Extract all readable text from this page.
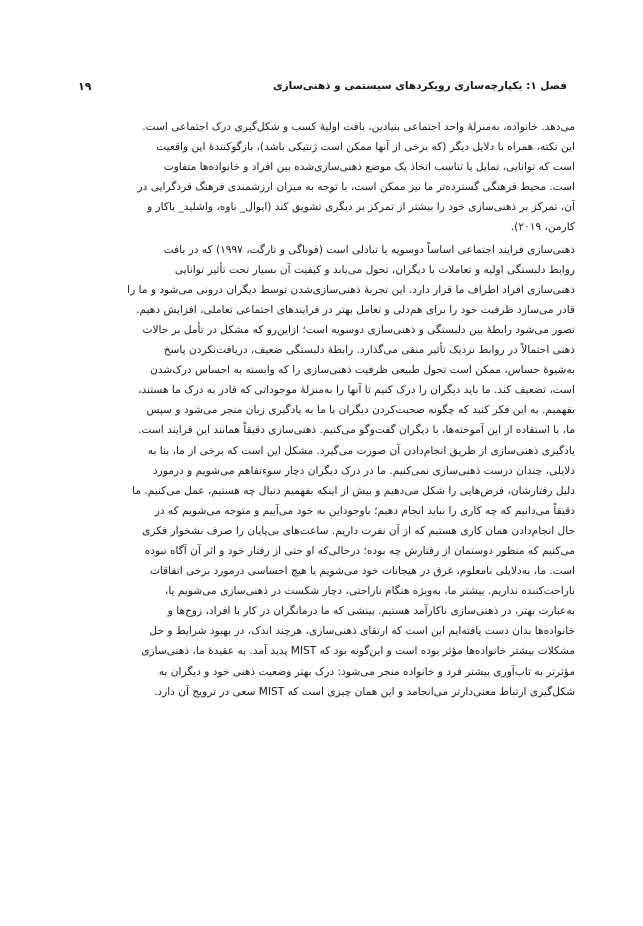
فصل ۱: یکپارچه‌سازی رویکردهای سیستمی و ذهنی‌سازی
۱۹

می‌دهد. خانواده، به‌منزلهٔ واحد اجتماعی بنیادین، بافت اولیهٔ کسب و شکل‌گیری درک اجتماعی است.

این نکته، همراه با دلایل دیگر (که برخی از آنها ممکن است ژنتیکی باشد)، بازگوکنندهٔ این واقعیت

است که توانایی، تمایل یا تناسب اتخاذ یک موضع ذهنی‌سازی‌شده بین افراد و خانواده‌ها متفاوت

است. محیط فرهنگی گسترده‌تر ما نیز ممکن است، با توجه به میزان ارزشمندی فرهنگ فردگرایی در

آن، تمرکز بر ذهنی‌سازی خود را بیشتر از تمرکز بر دیگری تشویق کند (ایوال_ ناوه، واشلید_ یاکار و

کارمن، ۲۰۱۹).

ذهنی‌سازی فرایند اجتماعی اساساً دوسویه یا تبادلی است (فوناگی و تارگت، ۱۹۹۷) که در بافت

روابط دلبستگی اولیه و تعاملات با دیگران، تحول می‌یابد و کیفیت آن بسیار تحت تأثیر توانایی

ذهنی‌سازی افراد اطراف ما قرار دارد. این تجربهٔ ذهنی‌سازی‌شدن توسط دیگران درونی می‌شود و ما را

قادر می‌سازد ظرفیت خود را برای هم‌دلی و تعامل بهتر در فرایندهای اجتماعی تعاملی، افزایش دهیم.

تصور می‌شود رابطهٔ بین دلبستگی و ذهنی‌سازی دوسویه است؛ ازاین‌رو که مشکل در تأمل بر حالات

ذهنی احتمالاً در روابط نزدیک تأثیر منفی می‌گذارد. رابطهٔ دلبستگی ضعیف، دریافت‌نکردن پاسخ

به‌شیوهٔ حساس، ممکن است تحول طبیعی ظرفیت ذهنی‌سازی را که وابسته به احساس درک‌شدن

است، تضعیف کند. ما باید دیگران را درک کنیم تا آنها را به‌منزلهٔ موجوداتی که قادر به درک ما هستند،

بفهمیم. به این فکر کنید که چگونه صحبت‌کردن دیگران با ما به یادگیری زبان منجر می‌شود و سپس

ما، با استفاده از این آموخته‌ها، با دیگران گفت‌وگو می‌کنیم. ذهنی‌سازی دقیقاً همانند این فرایند است.

یادگیری ذهنی‌سازی از طریق انجام‌دادن آن صورت می‌گیرد. مشکل این است که برخی از ما، بنا به

دلایلی، چندان درست ذهنی‌سازی نمی‌کنیم. ما در درک دیگران دچار سوءتفاهم می‌شویم و درمورد

دلیل رفتارشان، فرض‌هایی را شکل می‌دهیم و بیش از اینکه بفهمیم دنبال چه هستیم، عمل می‌کنیم. ما

دقیقاً می‌دانیم که چه کاری را نباید انجام دهیم؛ باوجوداین به خود می‌آییم و متوجه می‌شویم که در

حال انجام‌دادن همان کاری هستیم که از آن نفرت داریم. ساعت‌های بی‌پایان را صرف نشخوار فکری

می‌کنیم که منظور دوستمان از رفتارش چه بوده؛ درحالی‌که او حتی از رفتار خود و اثر آن آگاه نبوده

است. ما، به‌دلایلی نامعلوم، غرق در هیجانات خود می‌شویم یا هیچ احساسی درمورد برخی اتفاقات

ناراحت‌کننده نداریم. بیشتر ما، به‌ویژه هنگام ناراحتی، دچار شکست در ذهنی‌سازی می‌شویم یا،

به‌عبارت بهتر، در ذهنی‌سازی ناکارآمد هستیم. بینشی که ما درمانگران در کار با افراد، زوج‌ها و

خانواده‌ها بدان دست یافته‌ایم این است که ارتقای ذهنی‌سازی، هرچند اندک، در بهبود شرایط و حل

مشکلات بیشتر خانواده‌ها مؤثر بوده است و این‌گونه بود که MIST پدید آمد. به عقیدهٔ ما، ذهنی‌سازی

مؤثرتر به تاب‌آوری بیشتر فرد و خانواده منجر می‌شود: درک بهتر وضعیت ذهنی خود و دیگران به

شکل‌گیری ارتباط معنی‌دارتر می‌انجامد و این همان چیزی است که MIST سعی در ترویج آن دارد.
